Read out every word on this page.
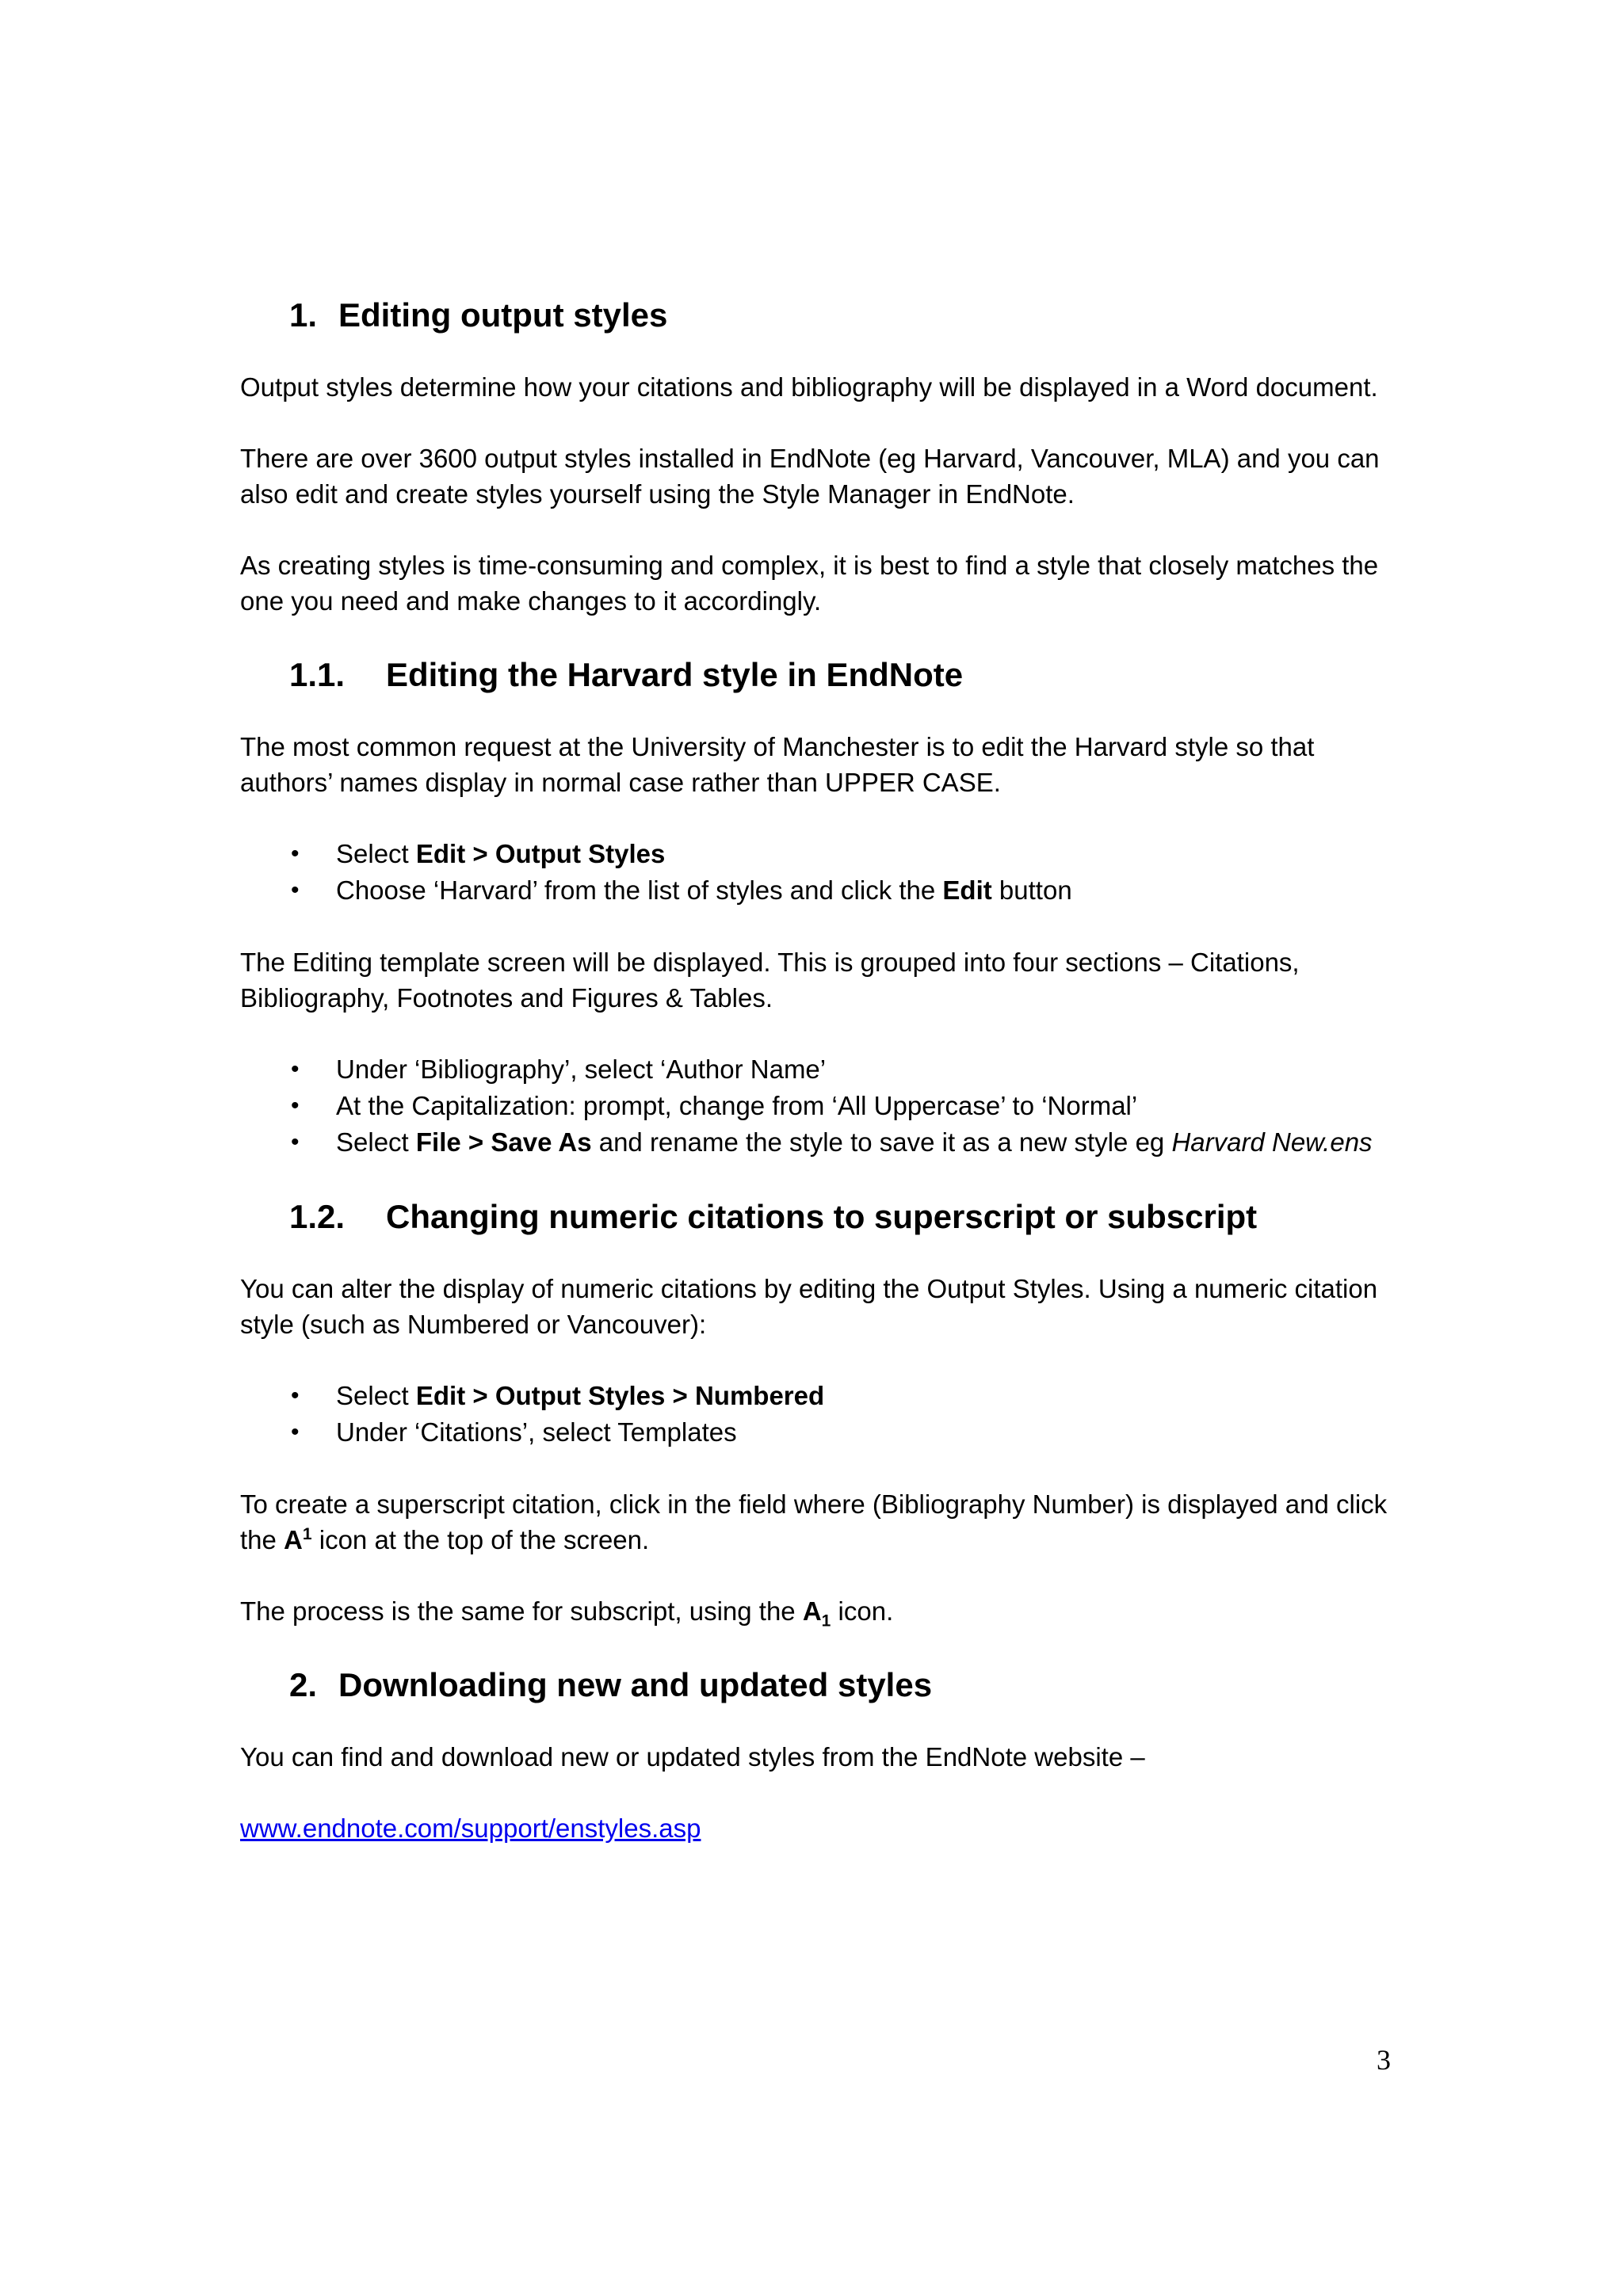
1. Editing output styles

Output styles determine how your citations and bibliography will be displayed in a Word document.

There are over 3600 output styles installed in EndNote (eg Harvard, Vancouver, MLA) and you can also edit and create styles yourself using the Style Manager in EndNote.

As creating styles is time-consuming and complex, it is best to find a style that closely matches the one you need and make changes to it accordingly.

1.1.	Editing the Harvard style in EndNote

The most common request at the University of Manchester is to edit the Harvard style so that authors’ names display in normal case rather than UPPER CASE.

• Select Edit > Output Styles
• Choose ‘Harvard’ from the list of styles and click the Edit button

The Editing template screen will be displayed. This is grouped into four sections – Citations, Bibliography, Footnotes and Figures & Tables.

• Under ‘Bibliography’, select ‘Author Name’
• At the Capitalization: prompt, change from ‘All Uppercase’ to ‘Normal’
• Select File > Save As and rename the style to save it as a new style eg Harvard New.ens
1.2.	Changing numeric citations to superscript or subscript

You can alter the display of numeric citations by editing the Output Styles. Using a numeric citation style (such as Numbered or Vancouver):

• Select Edit > Output Styles > Numbered
• Under ‘Citations’, select Templates

To create a superscript citation, click in the field where (Bibliography Number) is displayed and click the $A^1$ icon at the top of the screen.

The process is the same for subscript, using the $A_1$ icon.

2. Downloading new and updated styles

You can find and download new or updated styles from the EndNote website –

www.endnote.com/support/enstyles.asp

3
